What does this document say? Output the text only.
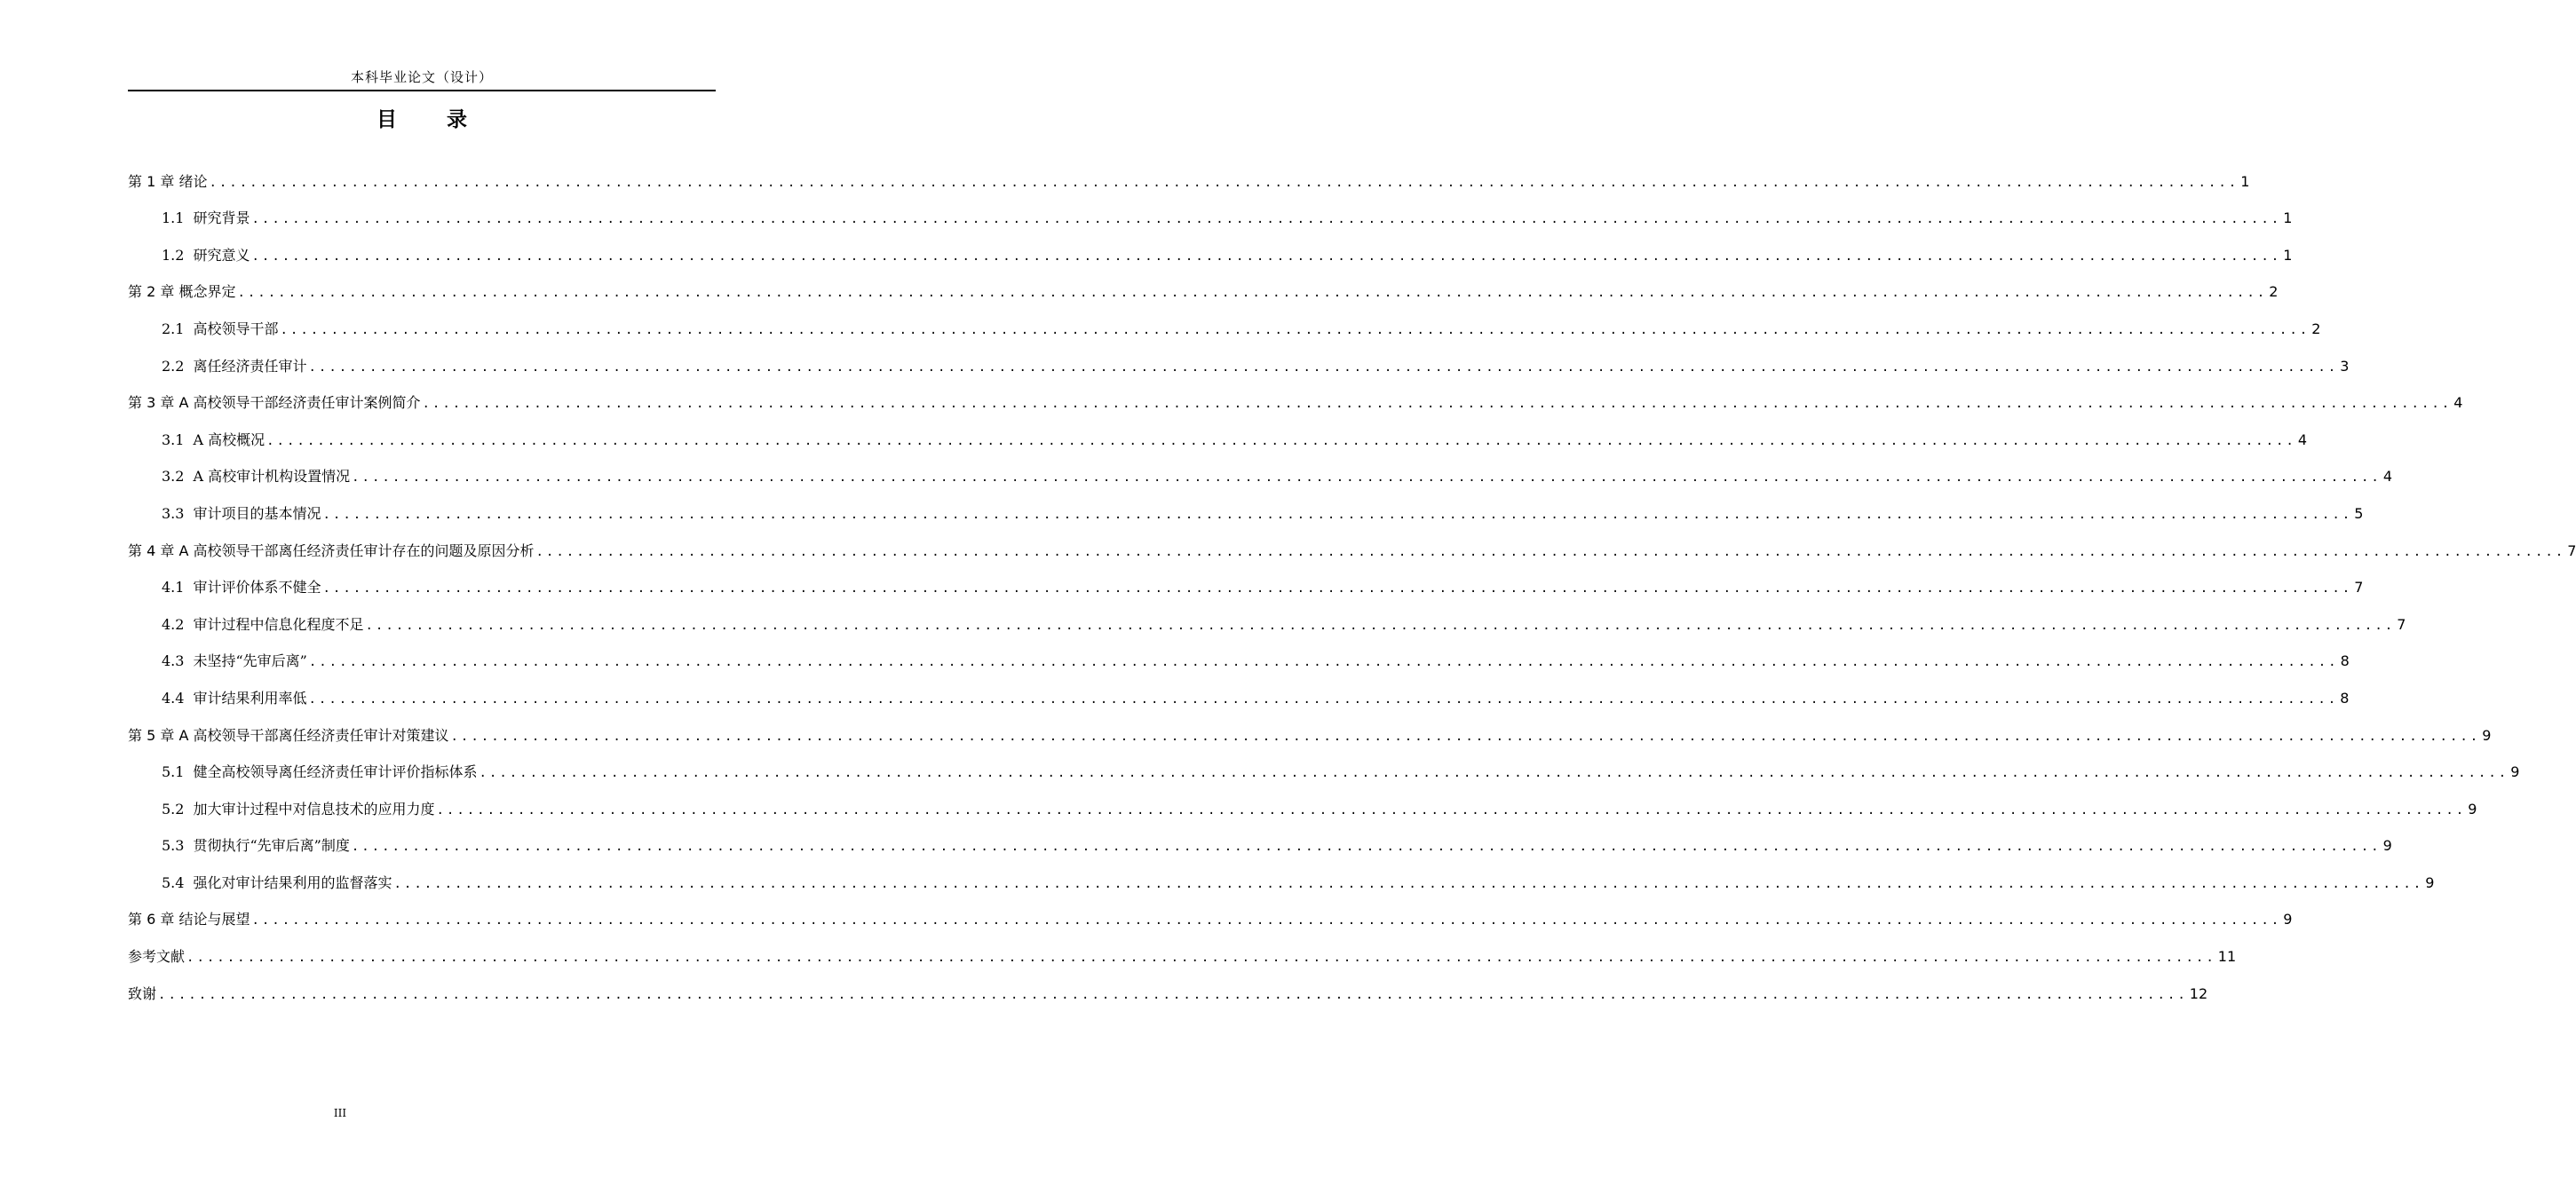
本科毕业论文（设计）
目 录
第 1 章 绪论 ........................................................................................................................................................................................................ 1
1.1 研究背景 ........................................................................................................................................................................................................ 1
1.2 研究意义 ........................................................................................................................................................................................................ 1
第 2 章 概念界定 ........................................................................................................................................................................................................ 2
2.1 高校领导干部 ........................................................................................................................................................................................................ 2
2.2 离任经济责任审计 ........................................................................................................................................................................................................ 3
第 3 章 A 高校领导干部经济责任审计案例简介 ........................................................................................................................................................................................................ 4
3.1 A 高校概况 ........................................................................................................................................................................................................ 4
3.2 A 高校审计机构设置情况 ........................................................................................................................................................................................................ 4
3.3 审计项目的基本情况 ........................................................................................................................................................................................................ 5
第 4 章 A 高校领导干部离任经济责任审计存在的问题及原因分析 ........................................................................................................................................................................................................ 7
4.1 审计评价体系不健全 ........................................................................................................................................................................................................ 7
4.2 审计过程中信息化程度不足 ........................................................................................................................................................................................................ 7
4.3 未坚持“先审后离” ........................................................................................................................................................................................................ 8
4.4 审计结果利用率低 ........................................................................................................................................................................................................ 8
第 5 章 A 高校领导干部离任经济责任审计对策建议 ........................................................................................................................................................................................................ 9
5.1 健全高校领导离任经济责任审计评价指标体系 ........................................................................................................................................................................................................ 9
5.2 加大审计过程中对信息技术的应用力度 ........................................................................................................................................................................................................ 9
5.3 贯彻执行“先审后离”制度 ........................................................................................................................................................................................................ 9
5.4 强化对审计结果利用的监督落实 ........................................................................................................................................................................................................ 9
第 6 章 结论与展望 ........................................................................................................................................................................................................ 9
参考文献 ........................................................................................................................................................................................................ 11
致谢 ........................................................................................................................................................................................................ 12
III
